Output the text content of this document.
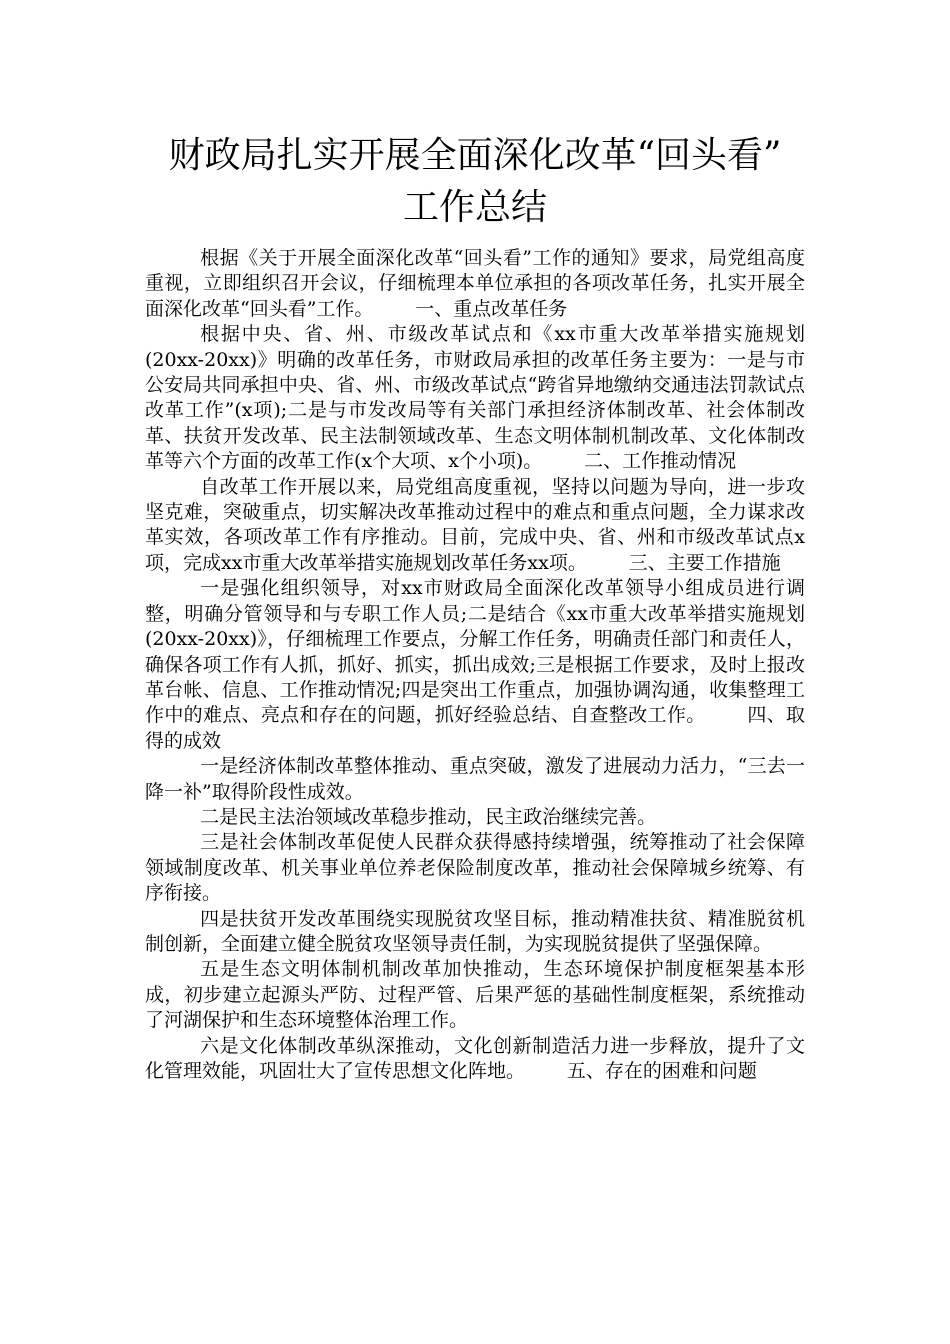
财政局扎实开展全面深化改革“回头看”
工作总结

根据《关于开展全面深化改革“回头看”工作的通知》要求，局党组高度重视，立即组织召开会议，仔细梳理本单位承担的各项改革任务，扎实开展全面深化改革“回头看”工作。 一、重点改革任务

根据中央、省、州、市级改革试点和《xx市重大改革举措实施规划(20xx-20xx)》明确的改革任务，市财政局承担的改革任务主要为：一是与市公安局共同承担中央、省、州、市级改革试点“跨省异地缴纳交通违法罚款试点改革工作”(x项);二是与市发改局等有关部门承担经济体制改革、社会体制改革、扶贫开发改革、民主法制领域改革、生态文明体制机制改革、文化体制改革等六个方面的改革工作(x个大项、x个小项)。 二、工作推动情况

自改革工作开展以来，局党组高度重视，坚持以问题为导向，进一步攻坚克难，突破重点，切实解决改革推动过程中的难点和重点问题，全力谋求改革实效，各项改革工作有序推动。目前，完成中央、省、州和市级改革试点x项，完成xx市重大改革举措实施规划改革任务xx项。 三、主要工作措施

一是强化组织领导，对xx市财政局全面深化改革领导小组成员进行调整，明确分管领导和与专职工作人员;二是结合《xx市重大改革举措实施规划(20xx-20xx)》，仔细梳理工作要点，分解工作任务，明确责任部门和责任人，确保各项工作有人抓，抓好、抓实，抓出成效;三是根据工作要求，及时上报改革台帐、信息、工作推动情况;四是突出工作重点，加强协调沟通，收集整理工作中的难点、亮点和存在的问题，抓好经验总结、自查整改工作。 四、取得的成效

一是经济体制改革整体推动、重点突破，激发了进展动力活力，“三去一降一补”取得阶段性成效。

二是民主法治领域改革稳步推动，民主政治继续完善。

三是社会体制改革促使人民群众获得感持续增强，统筹推动了社会保障领域制度改革、机关事业单位养老保险制度改革，推动社会保障城乡统筹、有序衔接。

四是扶贫开发改革围绕实现脱贫攻坚目标，推动精准扶贫、精准脱贫机制创新，全面建立健全脱贫攻坚领导责任制，为实现脱贫提供了坚强保障。

五是生态文明体制机制改革加快推动，生态环境保护制度框架基本形成，初步建立起源头严防、过程严管、后果严惩的基础性制度框架，系统推动了河湖保护和生态环境整体治理工作。

六是文化体制改革纵深推动，文化创新制造活力进一步释放，提升了文化管理效能，巩固壮大了宣传思想文化阵地。 五、存在的困难和问题
